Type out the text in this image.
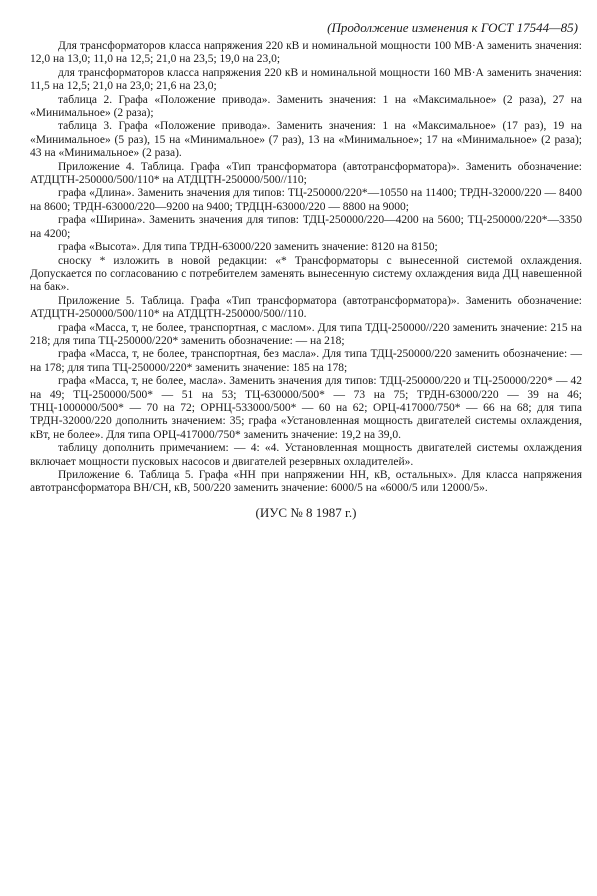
(Продолжение изменения к ГОСТ 17544—85)

Для трансформаторов класса напряжения 220 кВ и номинальной мощности 100 МВ·А заменить значения: 12,0 на 13,0; 11,0 на 12,5; 21,0 на 23,5; 19,0 на 23,0;

для трансформаторов класса напряжения 220 кВ и номинальной мощности 160 МВ·А заменить значения: 11,5 на 12,5; 21,0 на 23,0; 21,6 на 23,0;

таблица 2. Графа «Положение привода». Заменить значения: 1 на «Максимальное» (2 раза), 27 на «Минимальное» (2 раза);

таблица 3. Графа «Положение привода». Заменить значения: 1 на «Максимальное» (17 раз), 19 на «Минимальное» (5 раз), 15 на «Минимальное» (7 раз), 13 на «Минимальное»; 17 на «Минимальное» (2 раза); 43 на «Минимальное» (2 раза).

Приложение 4. Таблица. Графа «Тип трансформатора (автотрансформатора)». Заменить обозначение: АТДЦТН-250000/500/110* на АТДЦТН-250000/500//110;

графа «Длина». Заменить значения для типов: ТЦ-250000/220*—10550 на 11400; ТРДН-32000/220 — 8400 на 8600; ТРДН-63000/220—9200 на 9400; ТРДЦН-63000/220 — 8800 на 9000;

графа «Ширина». Заменить значения для типов: ТДЦ-250000/220—4200 на 5600; ТЦ-250000/220*—3350 на 4200;

графа «Высота». Для типа ТРДН-63000/220 заменить значение: 8120 на 8150;

сноску * изложить в новой редакции: «* Трансформаторы с вынесенной системой охлаждения. Допускается по согласованию с потребителем заменять вынесенную систему охлаждения вида ДЦ навешенной на бак».

Приложение 5. Таблица. Графа «Тип трансформатора (автотрансформатора)». Заменить обозначение: АТДЦТН-250000/500/110* на АТДЦТН-250000/500//110.

графа «Масса, т, не более, транспортная, с маслом». Для типа ТДЦ-250000//220 заменить значение: 215 на 218; для типа ТЦ-250000/220* заменить обозначение: — на 218;

графа «Масса, т, не более, транспортная, без масла». Для типа ТДЦ-250000/220 заменить обозначение: — на 178; для типа ТЦ-250000/220* заменить значение: 185 на 178;

графа «Масса, т, не более, масла». Заменить значения для типов: ТДЦ-250000/220 и ТЦ-250000/220* — 42 на 49; ТЦ-250000/500* — 51 на 53; ТЦ-630000/500* — 73 на 75; ТРДН-63000/220 — 39 на 46; ТНЦ-1000000/500* — 70 на 72; ОРНЦ-533000/500* — 60 на 62; ОРЦ-417000/750* — 66 на 68; для типа ТРДН-32000/220 дополнить значением: 35; графа «Установленная мощность двигателей системы охлаждения, кВт, не более». Для типа ОРЦ-417000/750* заменить значение: 19,2 на 39,0.

таблицу дополнить примечанием: — 4: «4. Установленная мощность двигателей системы охлаждения включает мощности пусковых насосов и двигателей резервных охладителей».

Приложение 6. Таблица 5. Графа «НН при напряжении НН, кВ, остальных». Для класса напряжения автотрансформатора ВН/СН, кВ, 500/220 заменить значение: 6000/5 на «6000/5 или 12000/5».

(ИУС № 8 1987 г.)
